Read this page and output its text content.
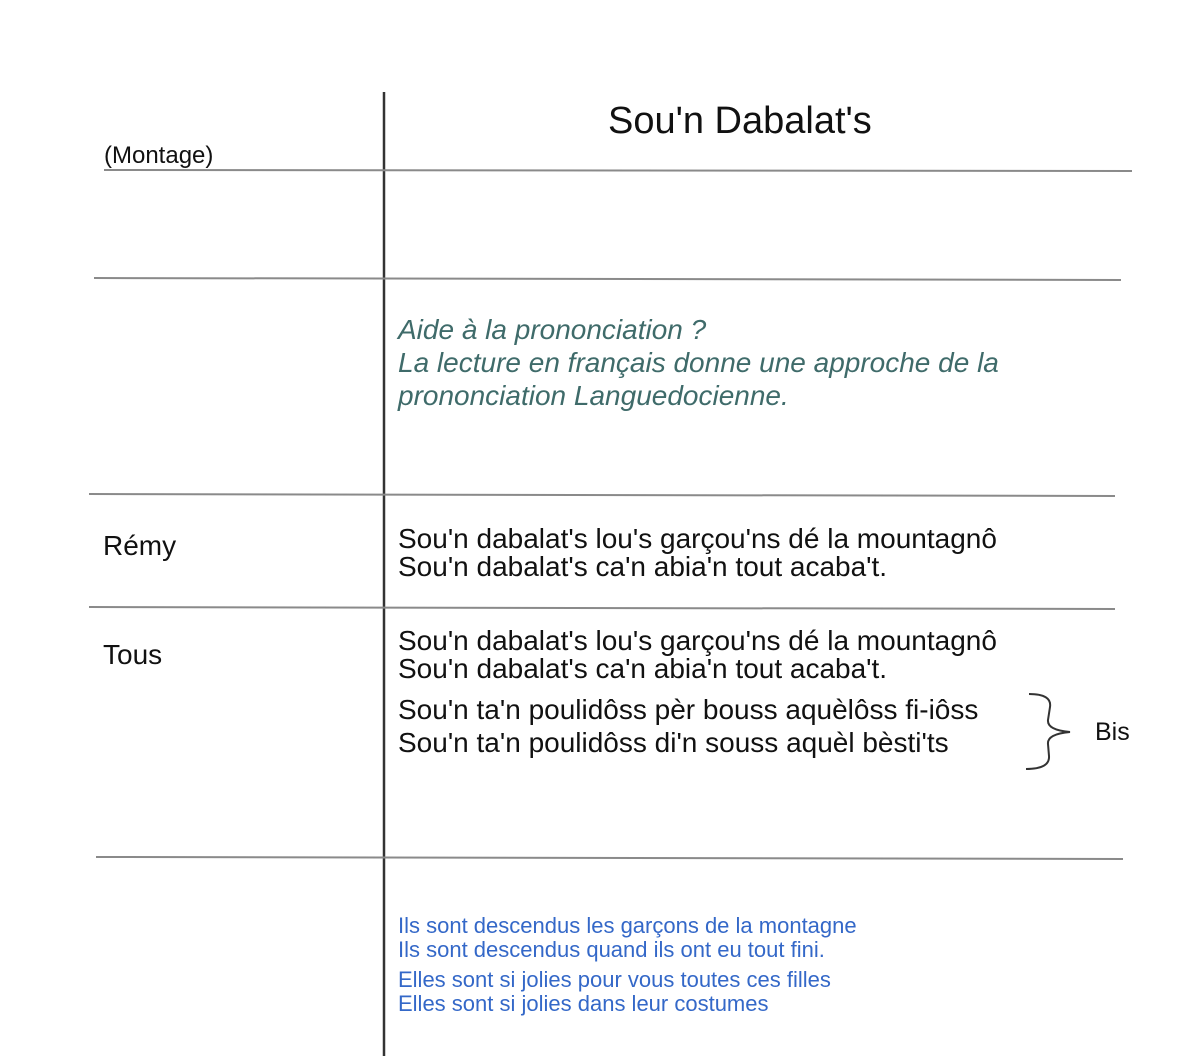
Sou'n Dabalat's
(Montage)
Rémy
Tous
Aide à la prononciation ?
La lecture en français donne une approche de la
prononciation Languedocienne.
Sou'n dabalat's lou's garçou'ns dé la mountagnô
Sou'n dabalat's ca'n abia'n tout acaba't.
Sou'n dabalat's lou's garçou'ns dé la mountagnô
Sou'n dabalat's ca'n abia'n tout acaba't.
Sou'n ta'n poulidôss pèr bouss aquèlôss fi-iôss
Sou'n ta'n poulidôss di'n souss aquèl bèsti'ts	Bis
Ils sont descendus les garçons de la montagne
Ils sont descendus quand ils ont eu tout fini.
Elles sont si jolies pour vous toutes ces filles
Elles sont si jolies dans leur costumes
